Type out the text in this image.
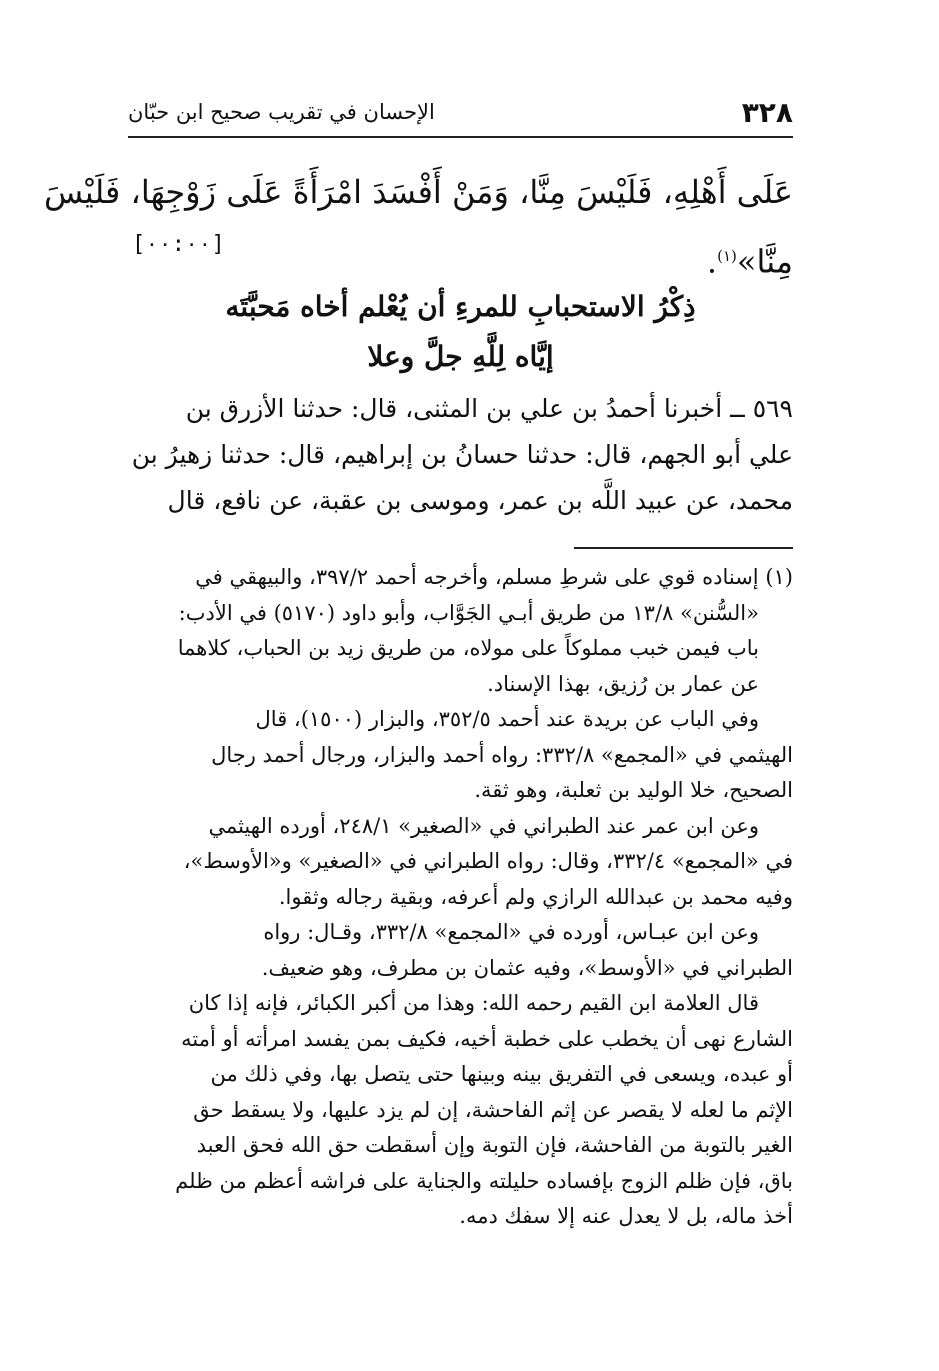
٣٢٨
الإحسان في تقريب صحيح ابن حبّان
عَلَى أَهْلِهِ، فَلَيْسَ مِنَّا، وَمَنْ أَفْسَدَ امْرَأَةً عَلَى زَوْجِهَا، فَلَيْسَ
مِنَّا»$^{(١)}$.
[٠٠:٠٠]
ذِكْرُ الاستحبابِ للمرءِ أن يُعْلم أخاه مَحبَّتَه
إيَّاه لِلَّهِ جلَّ وعلا
٥٦٩ ــ أخبرنا أحمدُ بن علي بن المثنى، قال: حدثنا الأزرق بن
علي أبو الجهم، قال: حدثنا حسانُ بن إبراهيم، قال: حدثنا زهيرُ بن
محمد، عن عبيد اللَّه بن عمر، وموسى بن عقبة، عن نافع، قال

(١) إسناده قوي على شرطِ مسلم، وأخرجه أحمد ٣٩٧/٢، والبيهقي في
«السُّنن» ١٣/٨ من طريق أبـي الجَوَّاب، وأبو داود (٥١٧٠) في الأدب:
باب فيمن خبب مملوكاً على مولاه، من طريق زيد بن الحباب، كلاهما
عن عمار بن رُزيق، بهذا الإسناد.

وفي الباب عن بريدة عند أحمد ٣٥٢/٥، والبزار (١٥٠٠)، قال
الهيثمي في «المجمع» ٣٣٢/٨: رواه أحمد والبزار، ورجال أحمد رجال
الصحيح، خلا الوليد بن ثعلبة، وهو ثقة.

وعن ابن عمر عند الطبراني في «الصغير» ٢٤٨/١، أورده الهيثمي
في «المجمع» ٣٣٢/٤، وقال: رواه الطبراني في «الصغير» و«الأوسط»،
وفيه محمد بن عبدالله الرازي ولم أعرفه، وبقية رجاله وثقوا.

وعن ابن عبـاس، أورده في «المجمع» ٣٣٢/٨، وقـال: رواه
الطبراني في «الأوسط»، وفيه عثمان بن مطرف، وهو ضعيف.

قال العلامة ابن القيم رحمه الله: وهذا من أكبر الكبائر، فإنه إذا كان
الشارع نهى أن يخطب على خطبة أخيه، فكيف بمن يفسد امرأته أو أمته
أو عبده، ويسعى في التفريق بينه وبينها حتى يتصل بها، وفي ذلك من
الإثم ما لعله لا يقصر عن إثم الفاحشة، إن لم يزد عليها، ولا يسقط حق
الغير بالتوبة من الفاحشة، فإن التوبة وإن أسقطت حق الله فحق العبد
باق، فإن ظلم الزوج بإفساده حليلته والجناية على فراشه أعظم من ظلم
أخذ ماله، بل لا يعدل عنه إلا سفك دمه.
